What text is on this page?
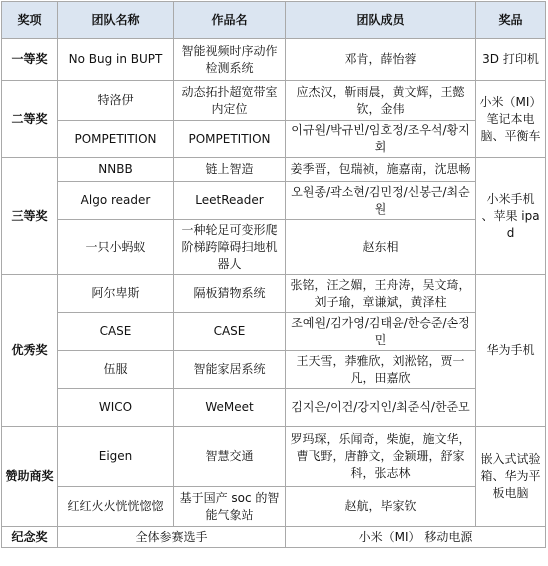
奖项	团队名称	作品名	团队成员	奖品
一等奖	No Bug in BUPT	智能视频时序动作检测系统	邓肯，薛怡蓉	3D 打印机
二等奖	特洛伊	动态拓扑超宽带室内定位	应杰汉，靳雨晨，黄文辉，王懿钦，金伟	小米（MI）笔记本电脑、平衡车
	POMPETITION	POMPETITION	이규원/박규빈/임호정/조우석/황지회	
三等奖	NNBB	链上智造	姜季晋，包瑞祯，施嘉南，沈思畅	小米手机 、苹果 ipad
	Algo reader	LeetReader	오원종/곽소현/김민정/신봉근/최순원	
	一只小蚂蚁	一种轮足可变形爬阶梯跨障碍扫地机器人	赵东相	
优秀奖	阿尔卑斯	隔板猜物系统	张铭，汪之媚，王舟涛，吴文琦，刘子瑜，章谦斌，黄泽柱	华为手机
	CASE	CASE	조예원/김가영/김태윤/한승준/손정민	
	伍服	智能家居系统	王天雪，莽雅欣，刘淞铭，贾一凡，田嘉欣	
	WICO	WeMeet	김지은/이건/강지인/최준식/한준모	
赞助商奖	Eigen	智慧交通	罗玛琛，乐闻奇，柴旎，施文华，曹飞野，唐静文，金颖珊，舒家科，张志林	嵌入式试验箱、华为平板电脑
	红红火火恍恍惚惚	基于国产 soc 的智能气象站	赵航，毕家钦	
纪念奖	全体参赛选手		小米（MI） 移动电源	
